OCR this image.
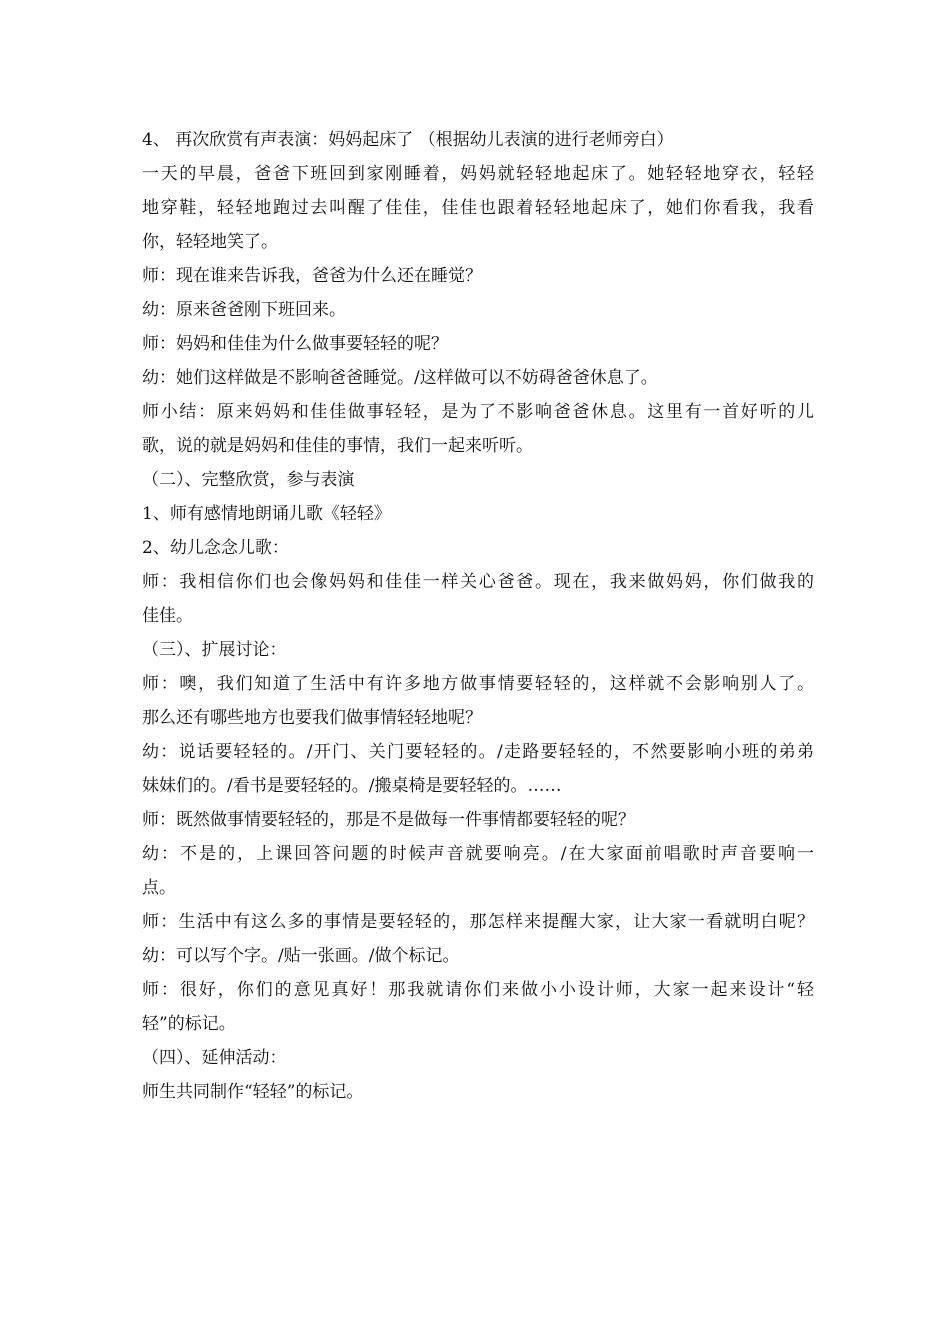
4、 再次欣赏有声表演：妈妈起床了 （根据幼儿表演的进行老师旁白）
一天的早晨，爸爸下班回到家刚睡着，妈妈就轻轻地起床了。她轻轻地穿衣，轻轻
地穿鞋，轻轻地跑过去叫醒了佳佳，佳佳也跟着轻轻地起床了，她们你看我，我看
你，轻轻地笑了。
师：现在谁来告诉我，爸爸为什么还在睡觉？
幼：原来爸爸刚下班回来。
师：妈妈和佳佳为什么做事要轻轻的呢？
幼：她们这样做是不影响爸爸睡觉。/这样做可以不妨碍爸爸休息了。
师小结：原来妈妈和佳佳做事轻轻，是为了不影响爸爸休息。这里有一首好听的儿
歌，说的就是妈妈和佳佳的事情，我们一起来听听。
（二）、完整欣赏，参与表演
1、师有感情地朗诵儿歌《轻轻》
2、幼儿念念儿歌：
师：我相信你们也会像妈妈和佳佳一样关心爸爸。现在，我来做妈妈，你们做我的
佳佳。
（三）、扩展讨论：
师：噢，我们知道了生活中有许多地方做事情要轻轻的，这样就不会影响别人了。
那么还有哪些地方也要我们做事情轻轻地呢？
幼：说话要轻轻的。/开门、关门要轻轻的。/走路要轻轻的，不然要影响小班的弟弟
妹妹们的。/看书是要轻轻的。/搬桌椅是要轻轻的。……
师：既然做事情要轻轻的，那是不是做每一件事情都要轻轻的呢？
幼：不是的，上课回答问题的时候声音就要响亮。/在大家面前唱歌时声音要响一
点。
师：生活中有这么多的事情是要轻轻的，那怎样来提醒大家，让大家一看就明白呢？
幼：可以写个字。/贴一张画。/做个标记。
师：很好，你们的意见真好！那我就请你们来做小小设计师，大家一起来设计“轻
轻”的标记。
（四）、延伸活动：
师生共同制作“轻轻”的标记。
